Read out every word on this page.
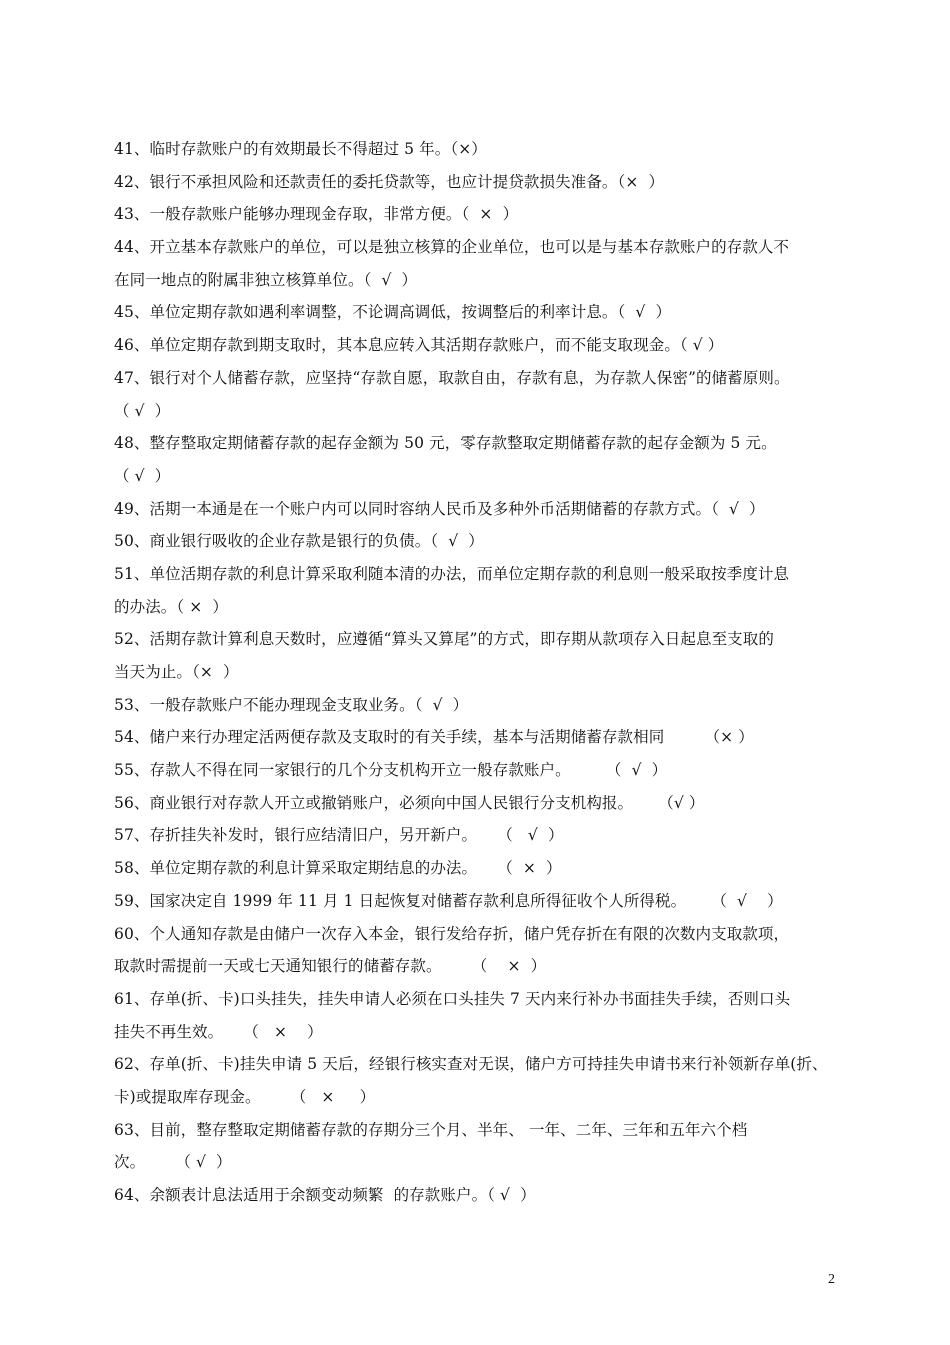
41、临时存款账户的有效期最长不得超过 5 年。（×）
42、银行不承担风险和还款责任的委托贷款等，也应计提贷款损失准备。（×  ）
43、一般存款账户能够办理现金存取，非常方便。（  ×  ）
44、开立基本存款账户的单位，可以是独立核算的企业单位，也可以是与基本存款账户的存款人不
在同一地点的附属非独立核算单位。（  √  ）
45、单位定期存款如遇利率调整，不论调高调低，按调整后的利率计息。（  √  ）
46、单位定期存款到期支取时，其本息应转入其活期存款账户，而不能支取现金。（ √ ）
47、银行对个人储蓄存款，应坚持“存款自愿，取款自由，存款有息，为存款人保密”的储蓄原则。
（ √  ）
48、整存整取定期储蓄存款的起存金额为 50 元，零存款整取定期储蓄存款的起存金额为 5 元。
（ √  ）
49、活期一本通是在一个账户内可以同时容纳人民币及多种外币活期储蓄的存款方式。（  √  ）
50、商业银行吸收的企业存款是银行的负债。（  √  ）
51、单位活期存款的利息计算采取利随本清的办法，而单位定期存款的利息则一般采取按季度计息
的办法。（ ×  ）
52、活期存款计算利息天数时，应遵循“算头又算尾”的方式，即存期从款项存入日起息至支取的
当天为止。（×  ）
53、一般存款账户不能办理现金支取业务。（  √  ）
54、储户来行办理定活两便存款及支取时的有关手续，基本与活期储蓄存款相同        （× ）
55、存款人不得在同一家银行的几个分支机构开立一般存款账户。       （  √  ）
56、商业银行对存款人开立或撤销账户，必须向中国人民银行分支机构报。     （√ ）
57、存折挂失补发时，银行应结清旧户，另开新户。    （   √  ）
58、单位定期存款的利息计算采取定期结息的办法。    （  ×  ）
59、国家决定自 1999 年 11 月 1 日起恢复对储蓄存款利息所得征收个人所得税。     （  √    ）
60、个人通知存款是由储户一次存入本金，银行发给存折，储户凭存折在有限的次数内支取款项，
取款时需提前一天或七天通知银行的储蓄存款。      （    ×  ）
61、存单(折、卡)口头挂失，挂失申请人必须在口头挂失 7 天内来行补办书面挂失手续，否则口头
挂失不再生效。    （   ×    ）
62、存单(折、卡)挂失申请 5 天后，经银行核实查对无误，储户方可持挂失申请书来行补领新存单(折、
卡)或提取库存现金。      （   ×     ）
63、目前，整存整取定期储蓄存款的存期分三个月、半年、 一年、二年、三年和五年六个档
次。      （ √  ）
64、余额表计息法适用于余额变动频繁  的存款账户。（ √  ）
2
